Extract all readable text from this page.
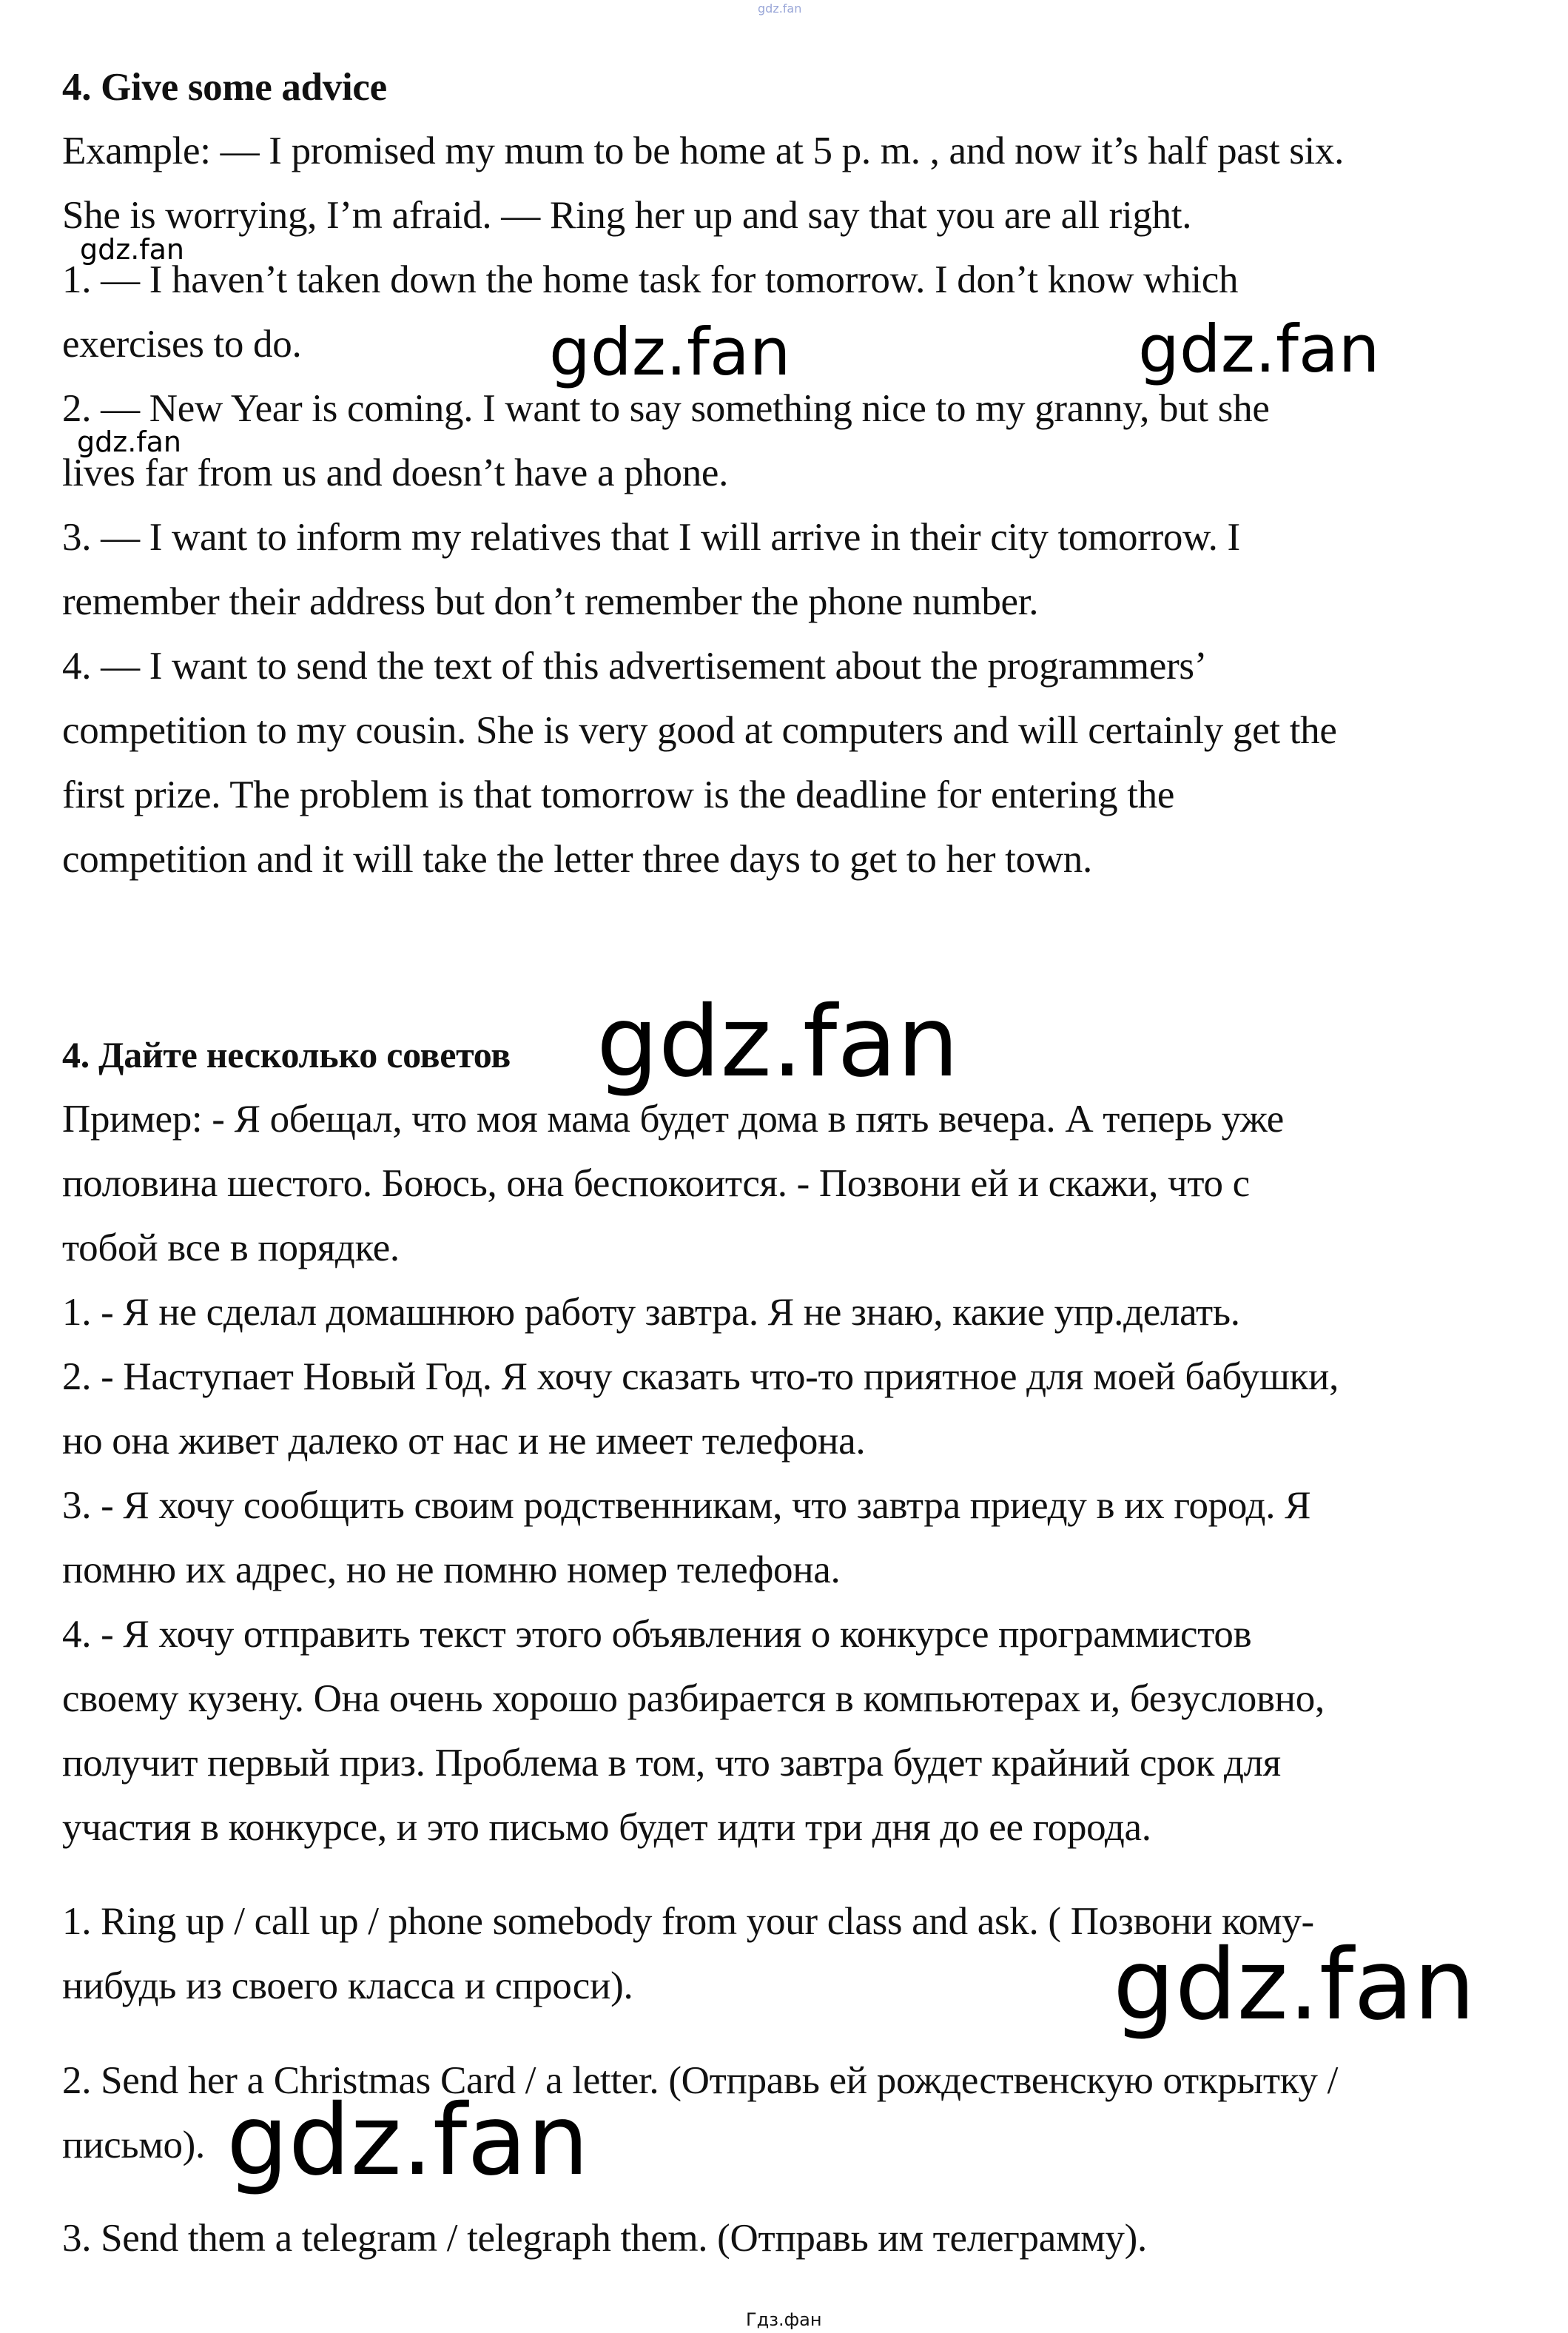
gdz.fan
4. Give some advice
Example: — I promised my mum to be home at 5 p. m. , and now it’s half past six.
She is worrying, I’m afraid. — Ring her up and say that you are all right.
1. — I haven’t taken down the home task for tomorrow. I don’t know which
exercises to do.
2. — New Year is coming. I want to say something nice to my granny, but she
lives far from us and doesn’t have a phone.
3. — I want to inform my relatives that I will arrive in their city tomorrow. I
remember their address but don’t remember the phone number.
4. — I want to send the text of this advertisement about the programmers’
competition to my cousin. She is very good at computers and will certainly get the
first prize. The problem is that tomorrow is the deadline for entering the
competition and it will take the letter three days to get to her town.
4. Дайте несколько советов
Пример: - Я обещал, что моя мама будет дома в пять вечера. А теперь уже
половина шестого. Боюсь, она беспокоится. - Позвони ей и скажи, что с
тобой все в порядке.
1. - Я не сделал домашнюю работу завтра. Я не знаю, какие упр.делать.
2. - Наступает Новый Год. Я хочу сказать что-то приятное для моей бабушки,
но она живет далеко от нас и не имеет телефона.
3. - Я хочу сообщить своим родственникам, что завтра приеду в их город. Я
помню их адрес, но не помню номер телефона.
4. - Я хочу отправить текст этого объявления о конкурсе программистов
своему кузену. Она очень хорошо разбирается в компьютерах и, безусловно,
получит первый приз. Проблема в том, что завтра будет крайний срок для
участия в конкурсе, и это письмо будет идти три дня до ее города.
1. Ring up / call up / phone somebody from your class and ask. ( Позвони кому-
нибудь из своего класса и спроси).
2. Send her a Christmas Card / a letter. (Отправь ей рождественскую открытку /
письмо).
3. Send them a telegram / telegraph them. (Отправь им телеграмму).
gdz.fan
gdz.fan
gdz.fan	gdz.fan
gdz.fan
gdz.fan
gdz.fan
Гдз.фан
